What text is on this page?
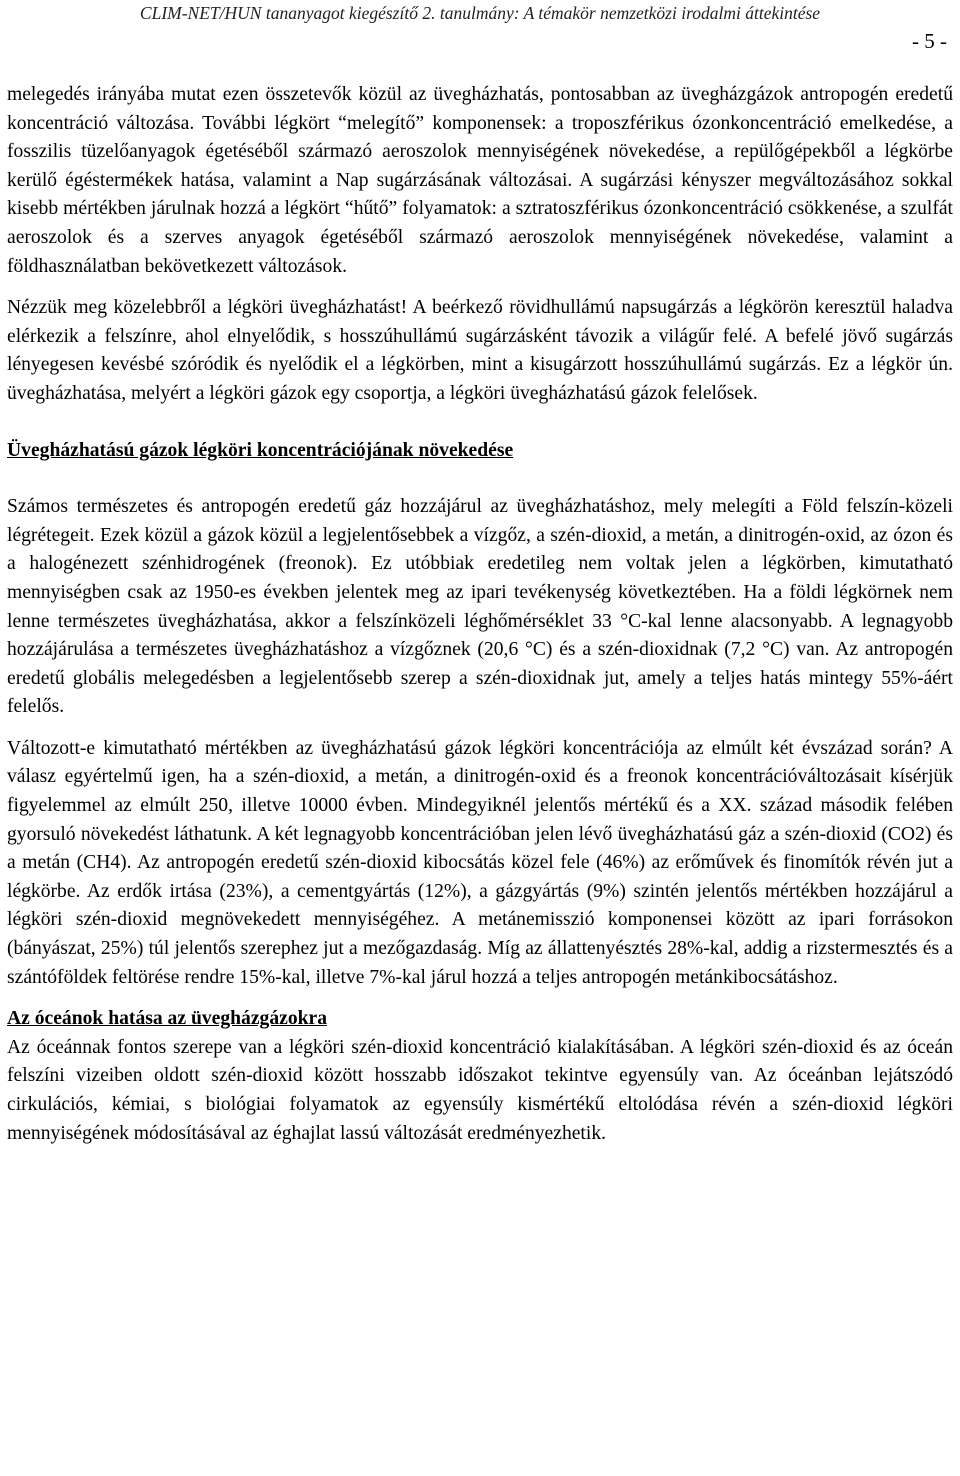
CLIM-NET/HUN tananyagot kiegészítő 2. tanulmány: A témakör nemzetközi irodalmi áttekintése
- 5 -

melegedés irányába mutat ezen összetevők közül az üvegházhatás, pontosabban az üvegházgázok antropogén eredetű koncentráció változása. További légkört “melegítő” komponensek: a troposzférikus ózonkoncentráció emelkedése, a fosszilis tüzelőanyagok égetéséből származó aeroszolok mennyiségének növekedése, a repülőgépekből a légkörbe kerülő égéstermékek hatása, valamint a Nap sugárzásának változásai. A sugárzási kényszer megváltozásához sokkal kisebb mértékben járulnak hozzá a légkört “hűtő” folyamatok: a sztratoszférikus ózonkoncentráció csökkenése, a szulfát aeroszolok és a szerves anyagok égetéséből származó aeroszolok mennyiségének növekedése, valamint a földhasználatban bekövetkezett változások.

Nézzük meg közelebbről a légköri üvegházhatást! A beérkező rövidhullámú napsugárzás a légkörön keresztül haladva elérkezik a felszínre, ahol elnyelődik, s hosszúhullámú sugárzásként távozik a világűr felé. A befelé jövő sugárzás lényegesen kevésbé szóródik és nyelődik el a légkörben, mint a kisugárzott hosszúhullámú sugárzás. Ez a légkör ún. üvegházhatása, melyért a légköri gázok egy csoportja, a légköri üvegházhatású gázok felelősek.

Üvegházhatású gázok légköri koncentrációjának növekedése

Számos természetes és antropogén eredetű gáz hozzájárul az üvegházhatáshoz, mely melegíti a Föld felszín-közeli légrétegeit. Ezek közül a gázok közül a legjelentősebbek a vízgőz, a szén-dioxid, a metán, a dinitrogén-oxid, az ózon és a halogénezett szénhidrogének (freonok). Ez utóbbiak eredetileg nem voltak jelen a légkörben, kimutatható mennyiségben csak az 1950-es években jelentek meg az ipari tevékenység következtében. Ha a földi légkörnek nem lenne természetes üvegházhatása, akkor a felszínközeli léghőmérséklet 33 °C-kal lenne alacsonyabb. A legnagyobb hozzájárulása a természetes üvegházhatáshoz a vízgőznek (20,6 °C) és a szén-dioxidnak (7,2 °C) van. Az antropogén eredetű globális melegedésben a legjelentősebb szerep a szén-dioxidnak jut, amely a teljes hatás mintegy 55%-áért felelős.

Változott-e kimutatható mértékben az üvegházhatású gázok légköri koncentrációja az elmúlt két évszázad során? A válasz egyértelmű igen, ha a szén-dioxid, a metán, a dinitrogén-oxid és a freonok koncentrációváltozásait kísérjük figyelemmel az elmúlt 250, illetve 10000 évben. Mindegyiknél jelentős mértékű és a XX. század második felében gyorsuló növekedést láthatunk. A két legnagyobb koncentrációban jelen lévő üvegházhatású gáz a szén-dioxid (CO2) és a metán (CH4). Az antropogén eredetű szén-dioxid kibocsátás közel fele (46%) az erőművek és finomítók révén jut a légkörbe. Az erdők irtása (23%), a cementgyártás (12%), a gázgyártás (9%) szintén jelentős mértékben hozzájárul a légköri szén-dioxid megnövekedett mennyiségéhez. A metánemisszió komponensei között az ipari forrásokon (bányászat, 25%) túl jelentős szerephez jut a mezőgazdaság. Míg az állattenyésztés 28%-kal, addig a rizstermesztés és a szántóföldek feltörése rendre 15%-kal, illetve 7%-kal járul hozzá a teljes antropogén metánkibocsátáshoz.

Az óceánok hatása az üvegházgázokra

Az óceánnak fontos szerepe van a légköri szén-dioxid koncentráció kialakításában. A légköri szén-dioxid és az óceán felszíni vizeiben oldott szén-dioxid között hosszabb időszakot tekintve egyensúly van. Az óceánban lejátszódó cirkulációs, kémiai, s biológiai folyamatok az egyensúly kismértékű eltolódása révén a szén-dioxid légköri mennyiségének módosításával az éghajlat lassú változását eredményezhetik.
